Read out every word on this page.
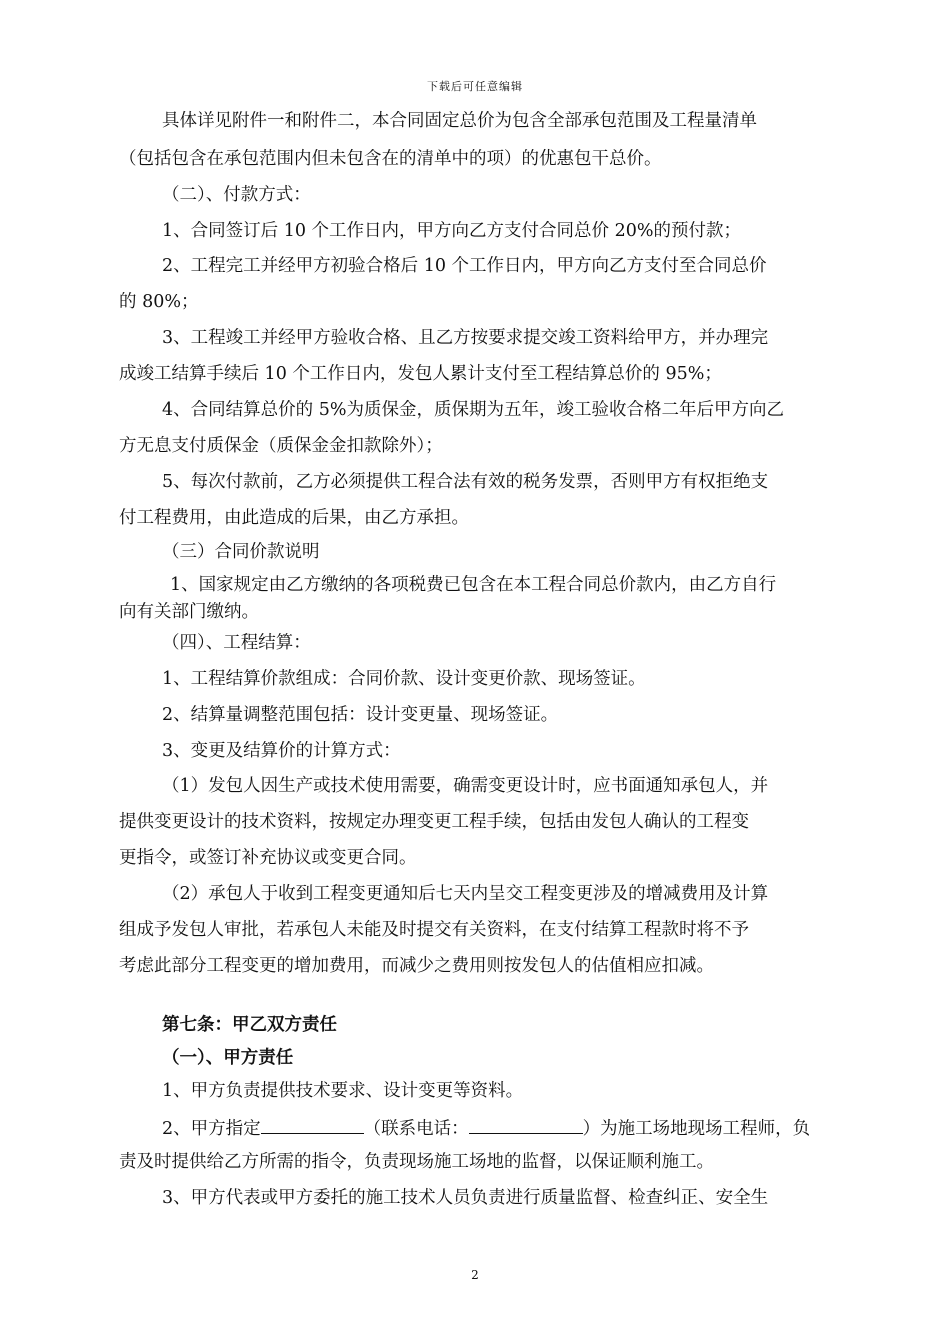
下载后可任意编辑
具体详见附件一和附件二，本合同固定总价为包含全部承包范围及工程量清单
（包括包含在承包范围内但未包含在的清单中的项）的优惠包干总价。
（二）、付款方式：
1、合同签订后 10 个工作日内，甲方向乙方支付合同总价 20%的预付款；
2、工程完工并经甲方初验合格后 10 个工作日内，甲方向乙方支付至合同总价
的 80%；
3、工程竣工并经甲方验收合格、且乙方按要求提交竣工资料给甲方，并办理完
成竣工结算手续后 10 个工作日内，发包人累计支付至工程结算总价的 95%；
4、合同结算总价的 5%为质保金，质保期为五年，竣工验收合格二年后甲方向乙
方无息支付质保金（质保金金扣款除外）；
5、每次付款前，乙方必须提供工程合法有效的税务发票，否则甲方有权拒绝支
付工程费用，由此造成的后果，由乙方承担。
（三）合同价款说明
1、国家规定由乙方缴纳的各项税费已包含在本工程合同总价款内，由乙方自行
向有关部门缴纳。
（四）、工程结算：
1、工程结算价款组成：合同价款、设计变更价款、现场签证。
2、结算量调整范围包括：设计变更量、现场签证。
3、变更及结算价的计算方式：
（1）发包人因生产或技术使用需要，确需变更设计时，应书面通知承包人，并
提供变更设计的技术资料，按规定办理变更工程手续，包括由发包人确认的工程变
更指令，或签订补充协议或变更合同。
（2）承包人于收到工程变更通知后七天内呈交工程变更涉及的增减费用及计算
组成予发包人审批，若承包人未能及时提交有关资料，在支付结算工程款时将不予
考虑此部分工程变更的增加费用，而减少之费用则按发包人的估值相应扣减。
第七条：甲乙双方责任
（一）、甲方责任
1、甲方负责提供技术要求、设计变更等资料。
2、甲方指定	（联系电话：	）为施工场地现场工程师，负
责及时提供给乙方所需的指令，负责现场施工场地的监督，以保证顺利施工。
3、甲方代表或甲方委托的施工技术人员负责进行质量监督、检查纠正、安全生
2
